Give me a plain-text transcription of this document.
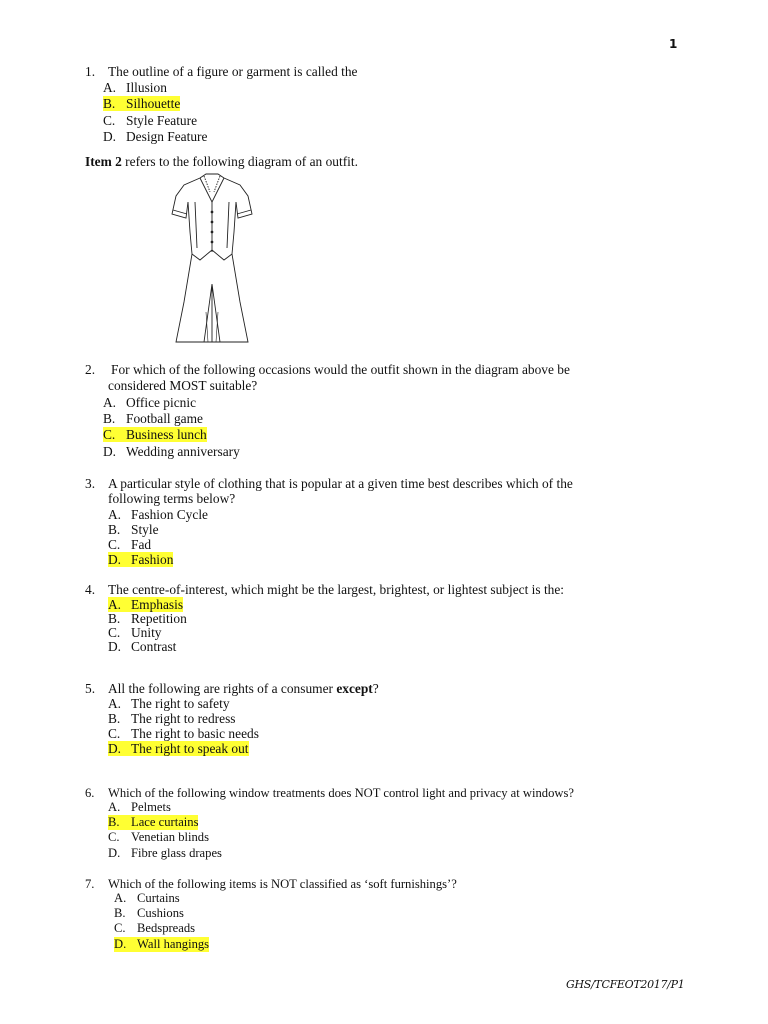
1
1. The outline of a figure or garment is called the
A. Illusion
B. Silhouette
C. Style Feature
D. Design Feature
Item 2 refers to the following diagram of an outfit.
2. For which of the following occasions would the outfit shown in the diagram above be
considered MOST suitable?
A. Office picnic
B. Football game
C. Business lunch
D. Wedding anniversary
3. A particular style of clothing that is popular at a given time best describes which of the
following terms below?
A. Fashion Cycle
B. Style
C. Fad
D. Fashion
4. The centre-of-interest, which might be the largest, brightest, or lightest subject is the:
A. Emphasis
B. Repetition
C. Unity
D. Contrast
5. All the following are rights of a consumer except?
A. The right to safety
B. The right to redress
C. The right to basic needs
D. The right to speak out
6. Which of the following window treatments does NOT control light and privacy at windows?
A. Pelmets
B. Lace curtains
C. Venetian blinds
D. Fibre glass drapes
7. Which of the following items is NOT classified as ‘soft furnishings’?
A. Curtains
B. Cushions
C. Bedspreads
D. Wall hangings
GHS/TCFEOT2017/P1
